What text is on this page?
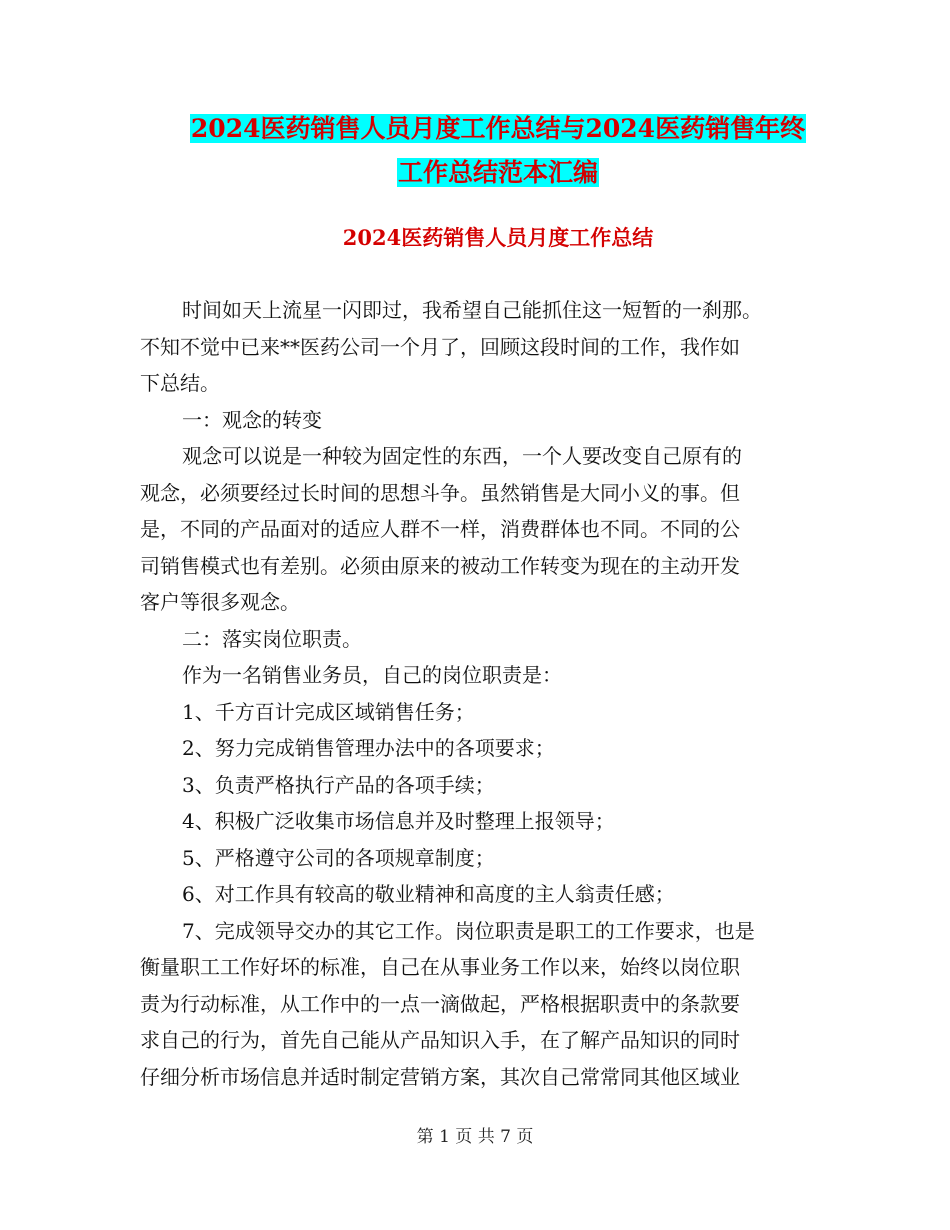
2024医药销售人员月度工作总结与2024医药销售年终
工作总结范本汇编
2024医药销售人员月度工作总结
时间如天上流星一闪即过，我希望自己能抓住这一短暂的一刹那。
不知不觉中已来**医药公司一个月了，回顾这段时间的工作，我作如
下总结。
一：观念的转变
观念可以说是一种较为固定性的东西，一个人要改变自己原有的
观念，必须要经过长时间的思想斗争。虽然销售是大同小义的事。但
是，不同的产品面对的适应人群不一样，消费群体也不同。不同的公
司销售模式也有差别。必须由原来的被动工作转变为现在的主动开发
客户等很多观念。
二：落实岗位职责。
作为一名销售业务员，自己的岗位职责是：
1、千方百计完成区域销售任务；
2、努力完成销售管理办法中的各项要求；
3、负责严格执行产品的各项手续；
4、积极广泛收集市场信息并及时整理上报领导；
5、严格遵守公司的各项规章制度；
6、对工作具有较高的敬业精神和高度的主人翁责任感；
7、完成领导交办的其它工作。岗位职责是职工的工作要求，也是
衡量职工工作好坏的标准，自己在从事业务工作以来，始终以岗位职
责为行动标准，从工作中的一点一滴做起，严格根据职责中的条款要
求自己的行为，首先自己能从产品知识入手，在了解产品知识的同时
仔细分析市场信息并适时制定营销方案，其次自己常常同其他区域业
第 1 页 共 7 页
